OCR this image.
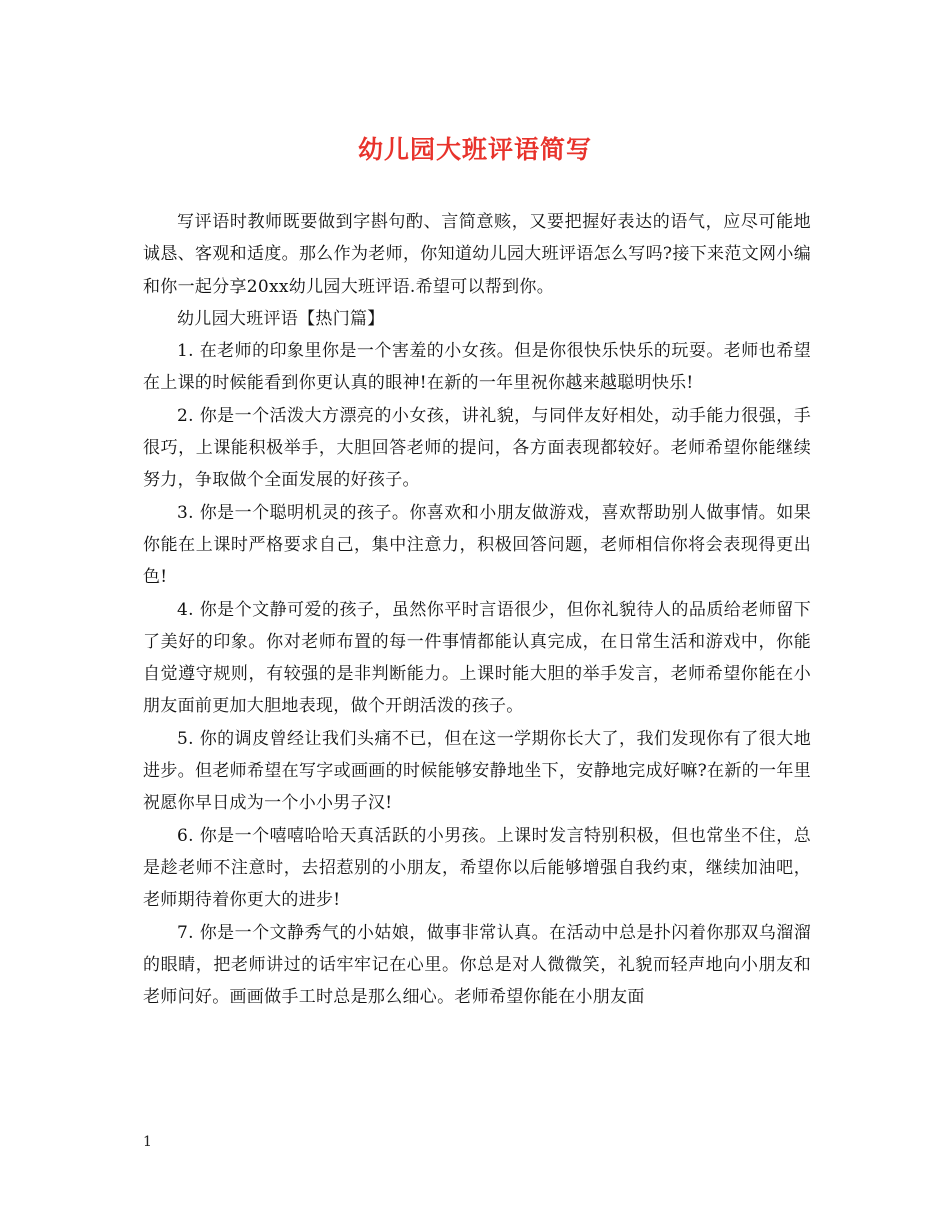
幼儿园大班评语简写

写评语时教师既要做到字斟句酌、言简意赅，又要把握好表达的语气，应尽可能地诚恳、客观和适度。那么作为老师，你知道幼儿园大班评语怎么写吗?接下来范文网小编和你一起分享20xx幼儿园大班评语.希望可以帮到你。

幼儿园大班评语【热门篇】

1. 在老师的印象里你是一个害羞的小女孩。但是你很快乐快乐的玩耍。老师也希望在上课的时候能看到你更认真的眼神!在新的一年里祝你越来越聪明快乐!

2. 你是一个活泼大方漂亮的小女孩，讲礼貌，与同伴友好相处，动手能力很强，手很巧，上课能积极举手，大胆回答老师的提问，各方面表现都较好。老师希望你能继续努力，争取做个全面发展的好孩子。

3. 你是一个聪明机灵的孩子。你喜欢和小朋友做游戏，喜欢帮助别人做事情。如果你能在上课时严格要求自己，集中注意力，积极回答问题，老师相信你将会表现得更出色!

4. 你是个文静可爱的孩子，虽然你平时言语很少，但你礼貌待人的品质给老师留下了美好的印象。你对老师布置的每一件事情都能认真完成，在日常生活和游戏中，你能自觉遵守规则，有较强的是非判断能力。上课时能大胆的举手发言，老师希望你能在小朋友面前更加大胆地表现，做个开朗活泼的孩子。

5. 你的调皮曾经让我们头痛不已，但在这一学期你长大了，我们发现你有了很大地进步。但老师希望在写字或画画的时候能够安静地坐下，安静地完成好嘛?在新的一年里祝愿你早日成为一个小小男子汉!

6. 你是一个嘻嘻哈哈天真活跃的小男孩。上课时发言特别积极，但也常坐不住，总是趁老师不注意时，去招惹别的小朋友，希望你以后能够增强自我约束，继续加油吧，老师期待着你更大的进步!

7. 你是一个文静秀气的小姑娘，做事非常认真。在活动中总是扑闪着你那双乌溜溜的眼睛，把老师讲过的话牢牢记在心里。你总是对人微微笑，礼貌而轻声地向小朋友和老师问好。画画做手工时总是那么细心。老师希望你能在小朋友面

1
